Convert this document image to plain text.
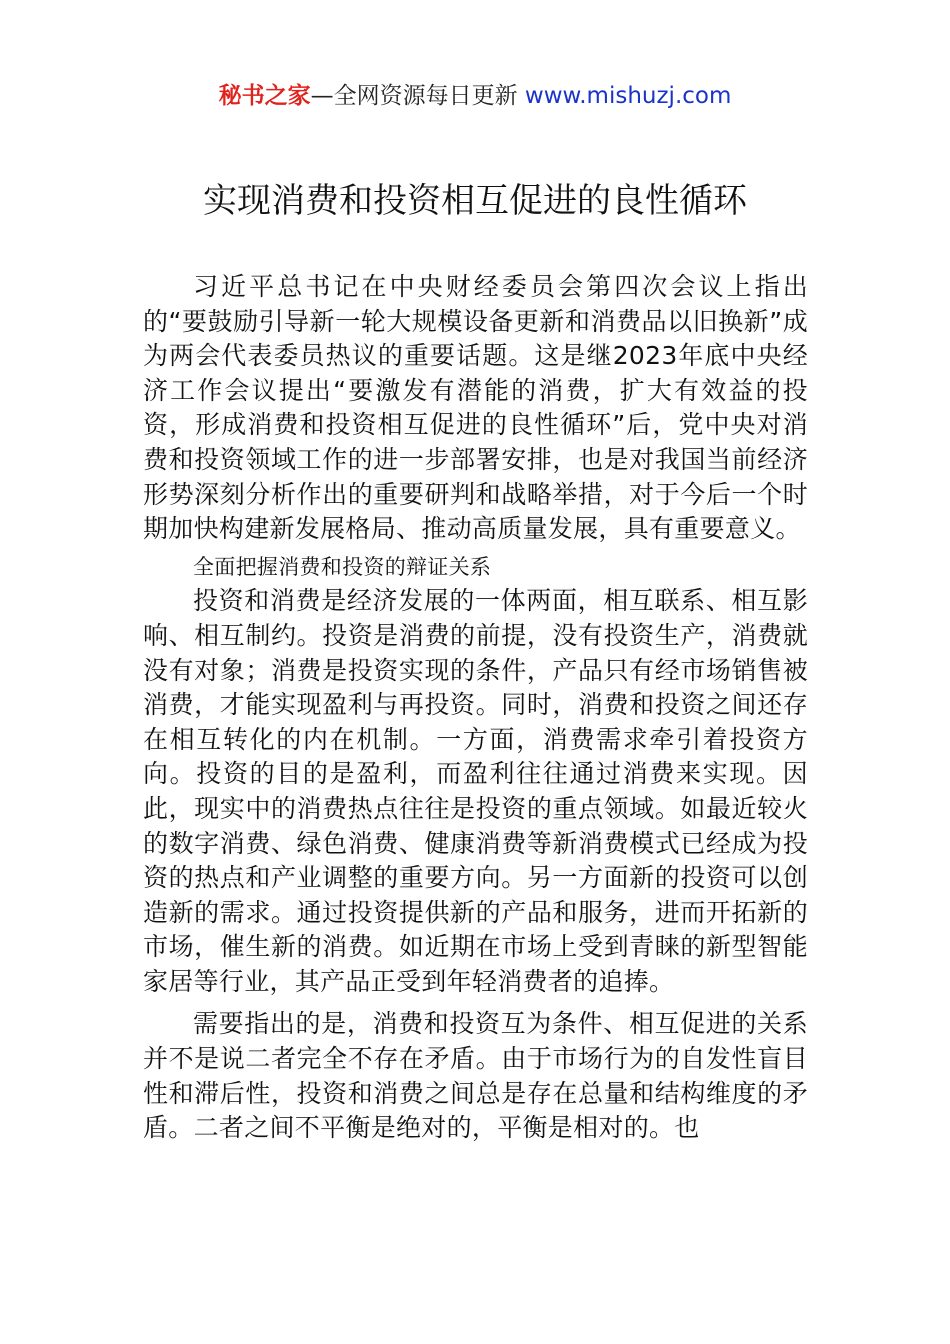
秘书之家—全网资源每日更新 www.mishuzj.com
实现消费和投资相互促进的良性循环

习近平总书记在中央财经委员会第四次会议上指出的“要鼓励引导新一轮大规模设备更新和消费品以旧换新”成为两会代表委员热议的重要话题。这是继2023年底中央经济工作会议提出“要激发有潜能的消费，扩大有效益的投资，形成消费和投资相互促进的良性循环”后，党中央对消费和投资领域工作的进一步部署安排，也是对我国当前经济形势深刻分析作出的重要研判和战略举措，对于今后一个时期加快构建新发展格局、推动高质量发展，具有重要意义。

全面把握消费和投资的辩证关系

投资和消费是经济发展的一体两面，相互联系、相互影响、相互制约。投资是消费的前提，没有投资生产，消费就没有对象；消费是投资实现的条件，产品只有经市场销售被消费，才能实现盈利与再投资。同时，消费和投资之间还存在相互转化的内在机制。一方面，消费需求牵引着投资方向。投资的目的是盈利，而盈利往往通过消费来实现。因此，现实中的消费热点往往是投资的重点领域。如最近较火的数字消费、绿色消费、健康消费等新消费模式已经成为投资的热点和产业调整的重要方向。另一方面新的投资可以创造新的需求。通过投资提供新的产品和服务，进而开拓新的市场，催生新的消费。如近期在市场上受到青睐的新型智能家居等行业，其产品正受到年轻消费者的追捧。

需要指出的是，消费和投资互为条件、相互促进的关系并不是说二者完全不存在矛盾。由于市场行为的自发性盲目性和滞后性，投资和消费之间总是存在总量和结构维度的矛盾。二者之间不平衡是绝对的，平衡是相对的。也
